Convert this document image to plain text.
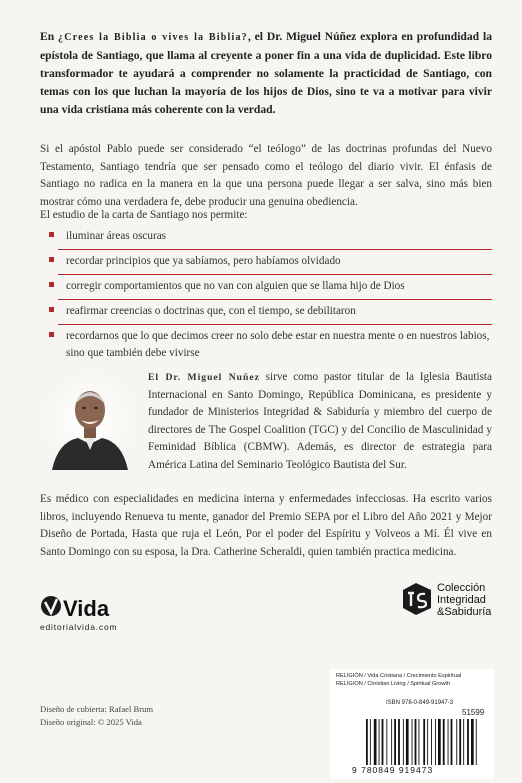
En ¿Crees la Biblia o vives la Biblia?, el Dr. Miguel Núñez explora en profundidad la epístola de Santiago, que llama al creyente a poner fin a una vida de duplicidad. Este libro transformador te ayudará a comprender no solamente la practicidad de Santiago, con temas con los que luchan la mayoría de los hijos de Dios, sino te va a motivar para vivir una vida cristiana más coherente con la verdad.
Si el apóstol Pablo puede ser considerado “el teólogo” de las doctrinas profundas del Nuevo Testamento, Santiago tendría que ser pensado como el teólogo del diario vivir. El énfasis de Santiago no radica en la manera en la que una persona puede llegar a ser salva, sino más bien mostrar cómo una verdadera fe, debe producir una genuina obediencia.
El estudio de la carta de Santiago nos permite:
iluminar áreas oscuras
recordar principios que ya sabíamos, pero habíamos olvidado
corregir comportamientos que no van con alguien que se llama hijo de Dios
reafirmar creencias o doctrinas que, con el tiempo, se debilitaron
recordarnos que lo que decimos creer no solo debe estar en nuestra mente o en nuestros labios, sino que también debe vivirse
El Dr. Miguel Nuñez sirve como pastor titular de la Iglesia Bautista Internacional en Santo Domingo, República Dominicana, es presidente y fundador de Ministerios Integridad & Sabiduría y miembro del cuerpo de directores de The Gospel Coalition (TGC) y del Concilio de Masculinidad y Feminidad Bíblica (CBMW). Además, es director de estrategia para América Latina del Seminario Teológico Bautista del Sur.
Es médico con especialidades en medicina interna y enfermedades infecciosas. Ha escrito varios libros, incluyendo Renueva tu mente, ganador del Premio SEPA por el Libro del Año 2021 y Mejor Diseño de Portada, Hasta que ruja el León, Por el poder del Espíritu y Volveos a Mí. Él vive en Santo Domingo con su esposa, la Dra. Catherine Scheraldi, quien también practica medicina.
Vida
editorialvida.com
Colección
Integridad
&Sabiduría
Diseño de cubierta: Rafael Brum
Diseño original: © 2025 Vida
RELIGIÓN / Vida Cristiana / Crecimiento Espiritual
RELIGION / Christian Living / Spiritual Growth
ISBN 978-0-849-91947-3
51599
9 780849 919473
